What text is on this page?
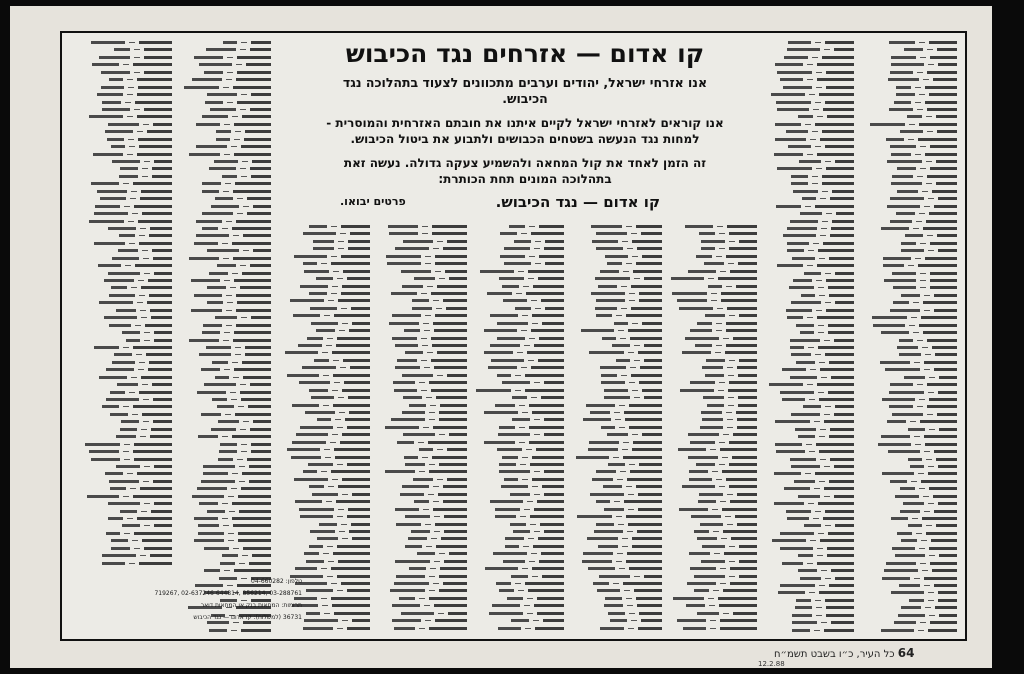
קו אדום — אזרחים נגד הכיבוש
אנו אזרחי ישראל, יהודים וערבים מתכוונים לצעוד בתהלוכה נגד הכיבוש.
אנו קוראים לאזרחי ישראל לקיים איתנו את חובתם האזרחית והמוסרית - למחות נגד הנעשה בשטחים הכבושים ולתבוע את ביטול הכיבוש.
זה הזמן לאחד את קול המחאה ולהשמיע צעקה גדולה. נעשה זאת בתהלוכה המונים תחת הכותרת:
קו אדום — נגד הכיבוש.
פרטים יבואו.
טלפון: 04-660282
03-288761 ,856214 ,644814 02-637246 ,719267
תרומות: המחאות בנק או המחאות דואר
36731 (למשלוח): קו אדום — נגד הכיבוש
64 כל העיר, כ״ו בשבט תשמ״ח
12.2.88
